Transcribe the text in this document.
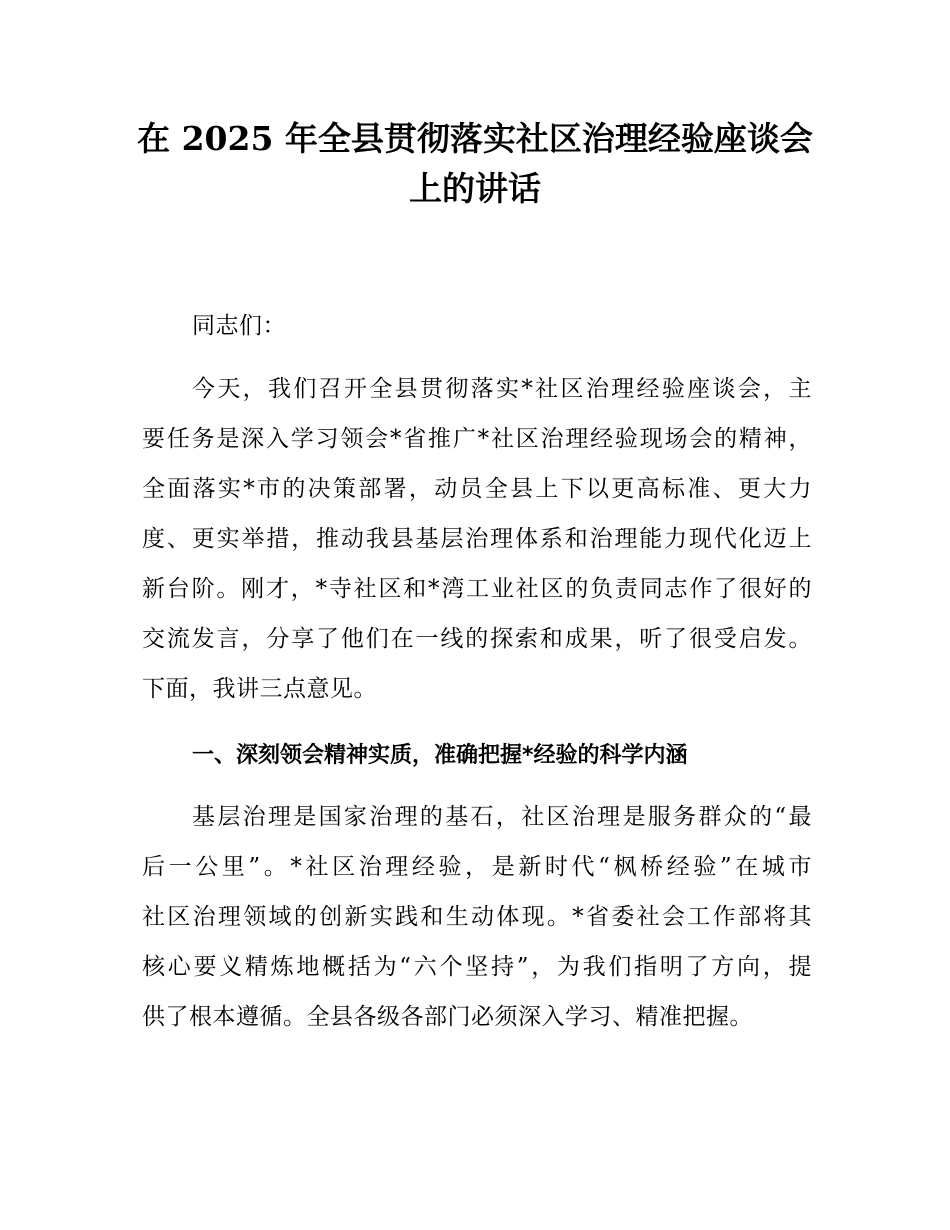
在 2025 年全县贯彻落实社区治理经验座谈会
上的讲话

同志们：

今天，我们召开全县贯彻落实*社区治理经验座谈会，主

要任务是深入学习领会*省推广*社区治理经验现场会的精神，

全面落实*市的决策部署，动员全县上下以更高标准、更大力

度、更实举措，推动我县基层治理体系和治理能力现代化迈上

新台阶。刚才，*寺社区和*湾工业社区的负责同志作了很好的

交流发言，分享了他们在一线的探索和成果，听了很受启发。

下面，我讲三点意见。

一、深刻领会精神实质，准确把握*经验的科学内涵

基层治理是国家治理的基石，社区治理是服务群众的“最

后一公里”。*社区治理经验，是新时代“枫桥经验”在城市

社区治理领域的创新实践和生动体现。*省委社会工作部将其

核心要义精炼地概括为“六个坚持”，为我们指明了方向，提

供了根本遵循。全县各级各部门必须深入学习、精准把握。
